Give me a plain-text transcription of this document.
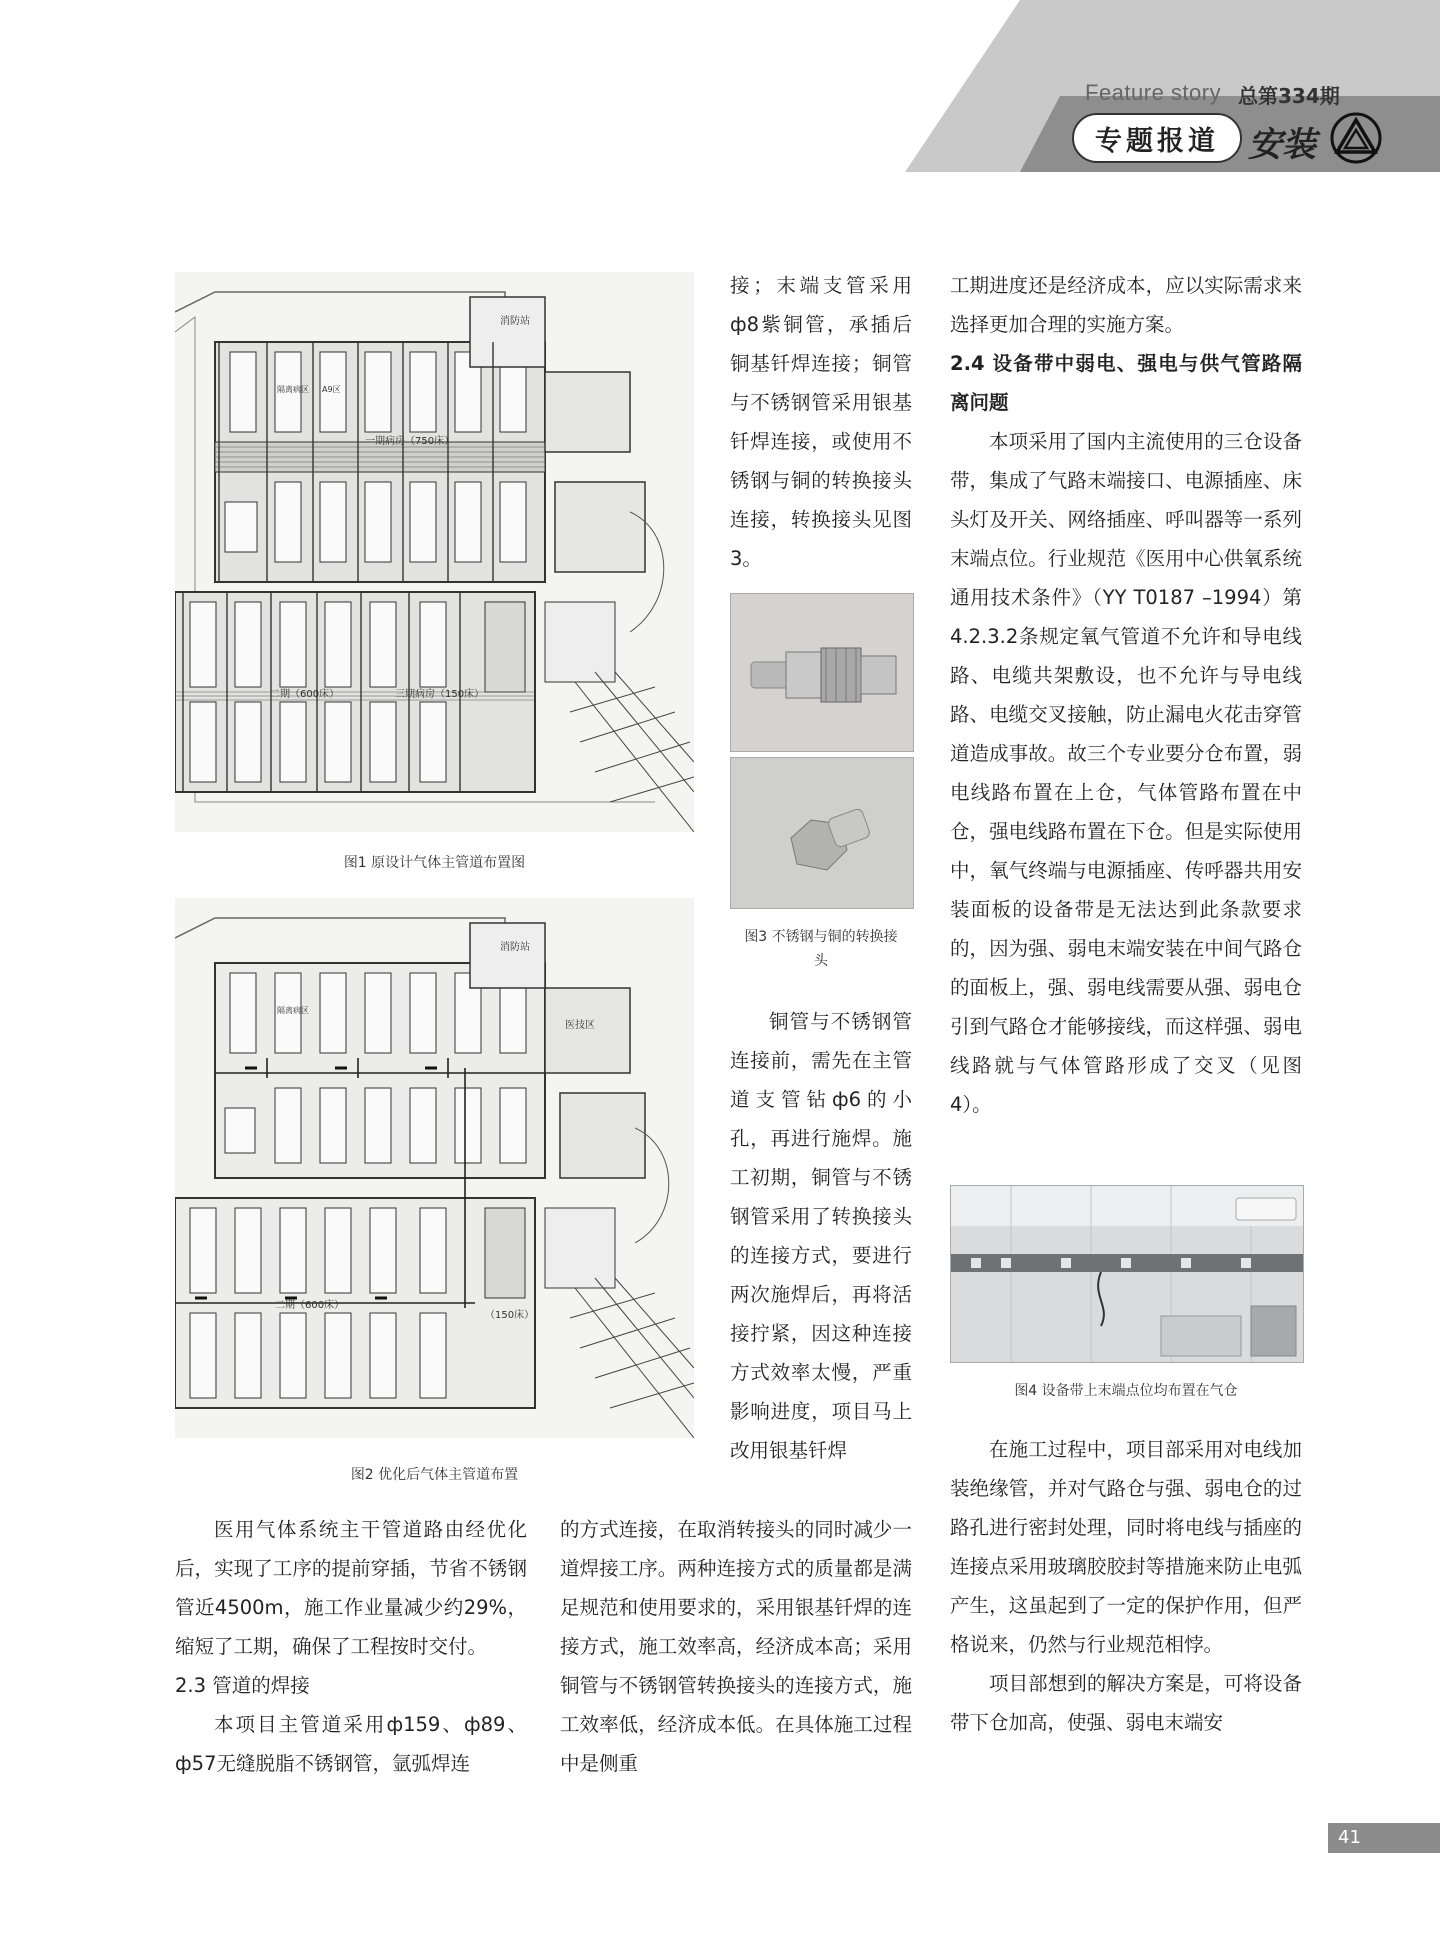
Feature story 总第334期
专题报道 安装
消防站
一期病房（750床）
二期（600床）	三期病房（150床）
隔离病区 A9区
图1 原设计气体主管道布置图
医技区
消防站
二期（600床）
（150床）
隔离病区
图2 优化后气体主管道布置

接；末端支管采用ф8紫铜管，承插后铜基钎焊连接；铜管与不锈钢管采用银基钎焊连接，或使用不锈钢与铜的转换接头连接，转换接头见图3。

图3 不锈钢与铜的转换接头

铜管与不锈钢管连接前，需先在主管道支管钻ф6的小孔，再进行施焊。施工初期，铜管与不锈钢管采用了转换接头的连接方式，要进行两次施焊后，再将活接拧紧，因这种连接方式效率太慢，严重影响进度，项目马上改用银基钎焊

工期进度还是经济成本，应以实际需求来选择更加合理的实施方案。

2.4 设备带中弱电、强电与供气管路隔离问题

本项采用了国内主流使用的三仓设备带，集成了气路末端接口、电源插座、床头灯及开关、网络插座、呼叫器等一系列末端点位。行业规范《医用中心供氧系统通用技术条件》（YY T0187 –1994）第4.2.3.2条规定氧气管道不允许和导电线路、电缆共架敷设，也不允许与导电线路、电缆交叉接触，防止漏电火花击穿管道造成事故。故三个专业要分仓布置，弱电线路布置在上仓，气体管路布置在中仓，强电线路布置在下仓。但是实际使用中，氧气终端与电源插座、传呼器共用安装面板的设备带是无法达到此条款要求的，因为强、弱电末端安装在中间气路仓的面板上，强、弱电线需要从强、弱电仓引到气路仓才能够接线，而这样强、弱电线路就与气体管路形成了交叉（见图4）。

图4 设备带上末端点位均布置在气仓

在施工过程中，项目部采用对电线加装绝缘管，并对气路仓与强、弱电仓的过路孔进行密封处理，同时将电线与插座的连接点采用玻璃胶胶封等措施来防止电弧产生，这虽起到了一定的保护作用，但严格说来，仍然与行业规范相悖。

项目部想到的解决方案是，可将设备带下仓加高，使强、弱电末端安

医用气体系统主干管道路由经优化后，实现了工序的提前穿插，节省不锈钢管近4500m，施工作业量减少约29%，缩短了工期，确保了工程按时交付。

2.3 管道的焊接

本项目主管道采用ф159、ф89、ф57无缝脱脂不锈钢管，氩弧焊连

的方式连接，在取消转接头的同时减少一道焊接工序。两种连接方式的质量都是满足规范和使用要求的，采用银基钎焊的连接方式，施工效率高，经济成本高；采用铜管与不锈钢管转换接头的连接方式，施工效率低，经济成本低。在具体施工过程中是侧重

41
